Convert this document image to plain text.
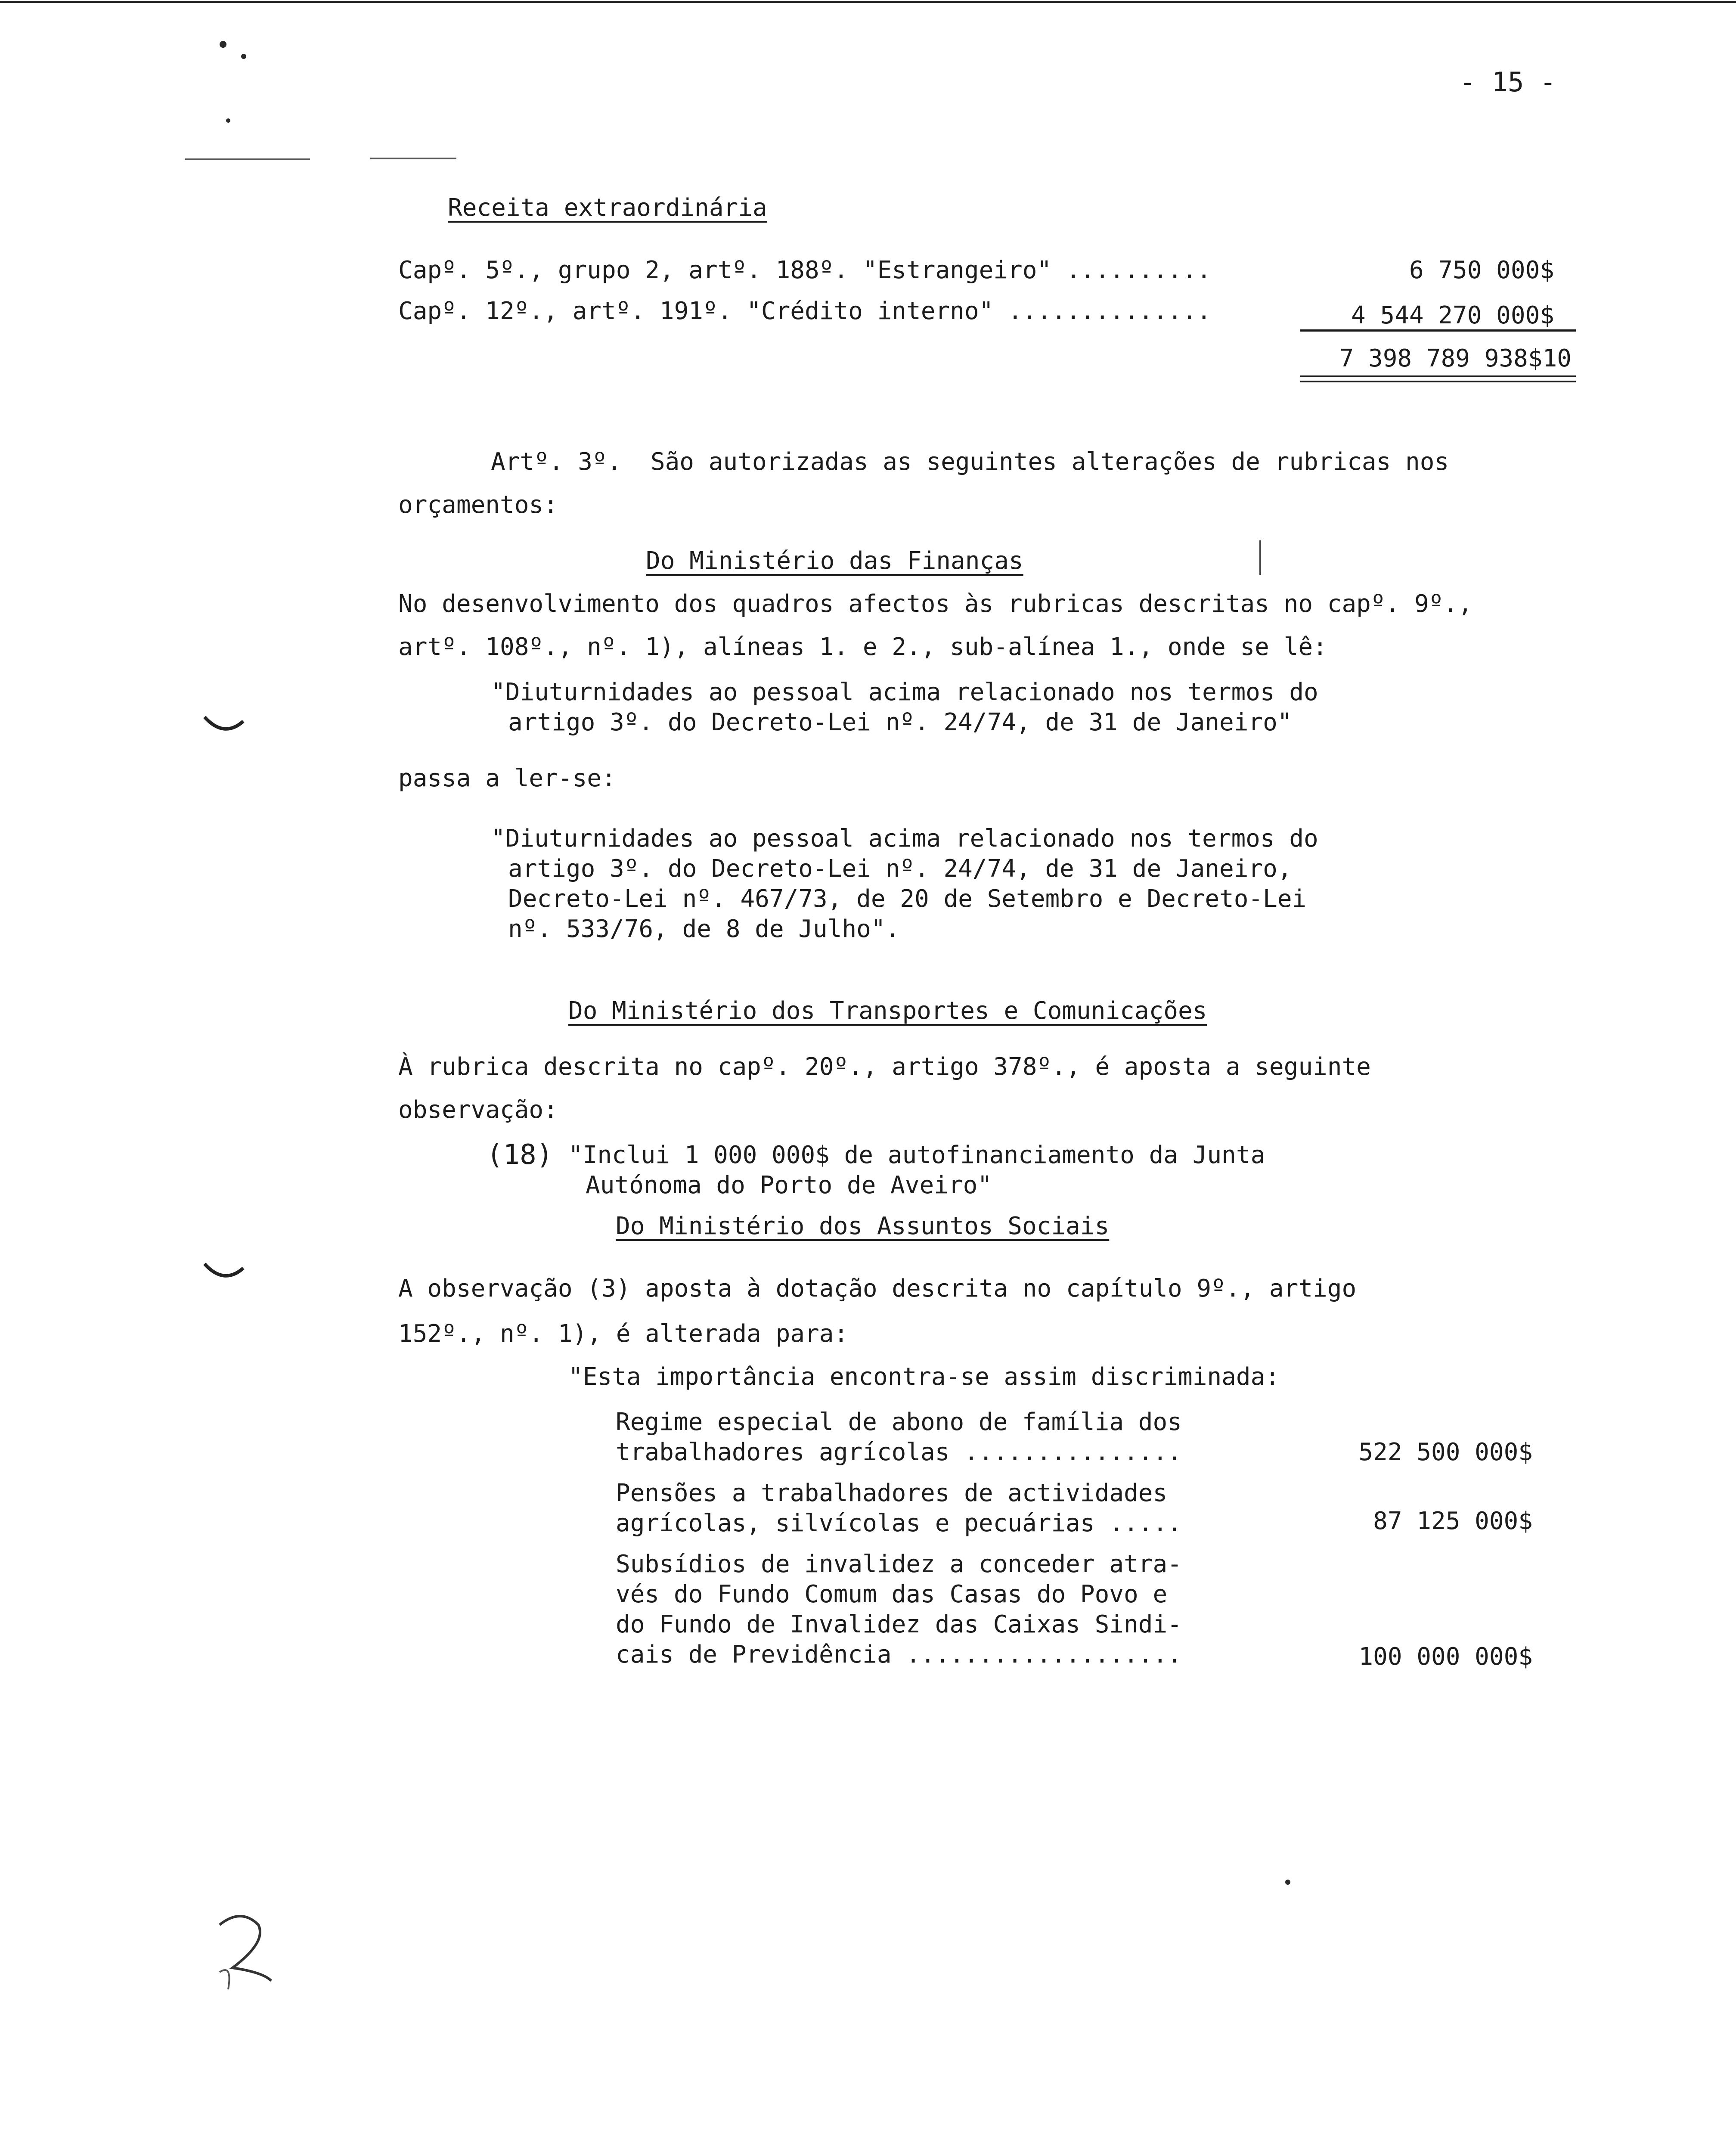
- 15 -
Receita extraordinária
Capº. 5º., grupo 2, artº. 188º. "Estrangeiro" ..........	6 750 000$
Capº. 12º., artº. 191º. "Crédito interno" ..............	4 544 270 000$
7 398 789 938$10
Artº. 3º.  São autorizadas as seguintes alterações de rubricas nos
orçamentos:
Do Ministério das Finanças
No desenvolvimento dos quadros afectos às rubricas descritas no capº. 9º.,
artº. 108º., nº. 1), alíneas 1. e 2., sub-alínea 1., onde se lê:
"Diuturnidades ao pessoal acima relacionado nos termos do
artigo 3º. do Decreto-Lei nº. 24/74, de 31 de Janeiro"
passa a ler-se:
"Diuturnidades ao pessoal acima relacionado nos termos do
artigo 3º. do Decreto-Lei nº. 24/74, de 31 de Janeiro,
Decreto-Lei nº. 467/73, de 20 de Setembro e Decreto-Lei
nº. 533/76, de 8 de Julho".
Do Ministério dos Transportes e Comunicações
À rubrica descrita no capº. 20º., artigo 378º., é aposta a seguinte
observação:
(18) "Inclui 1 000 000$ de autofinanciamento da Junta
Autónoma do Porto de Aveiro"
Do Ministério dos Assuntos Sociais
A observação (3) aposta à dotação descrita no capítulo 9º., artigo
152º., nº. 1), é alterada para:
"Esta importância encontra-se assim discriminada:
Regime especial de abono de família dos
trabalhadores agrícolas ...............	522 500 000$
Pensões a trabalhadores de actividades
agrícolas, silvícolas e pecuárias .....	87 125 000$
Subsídios de invalidez a conceder atra-
vés do Fundo Comum das Casas do Povo e
do Fundo de Invalidez das Caixas Sindi-
cais de Previdência ...................	100 000 000$
